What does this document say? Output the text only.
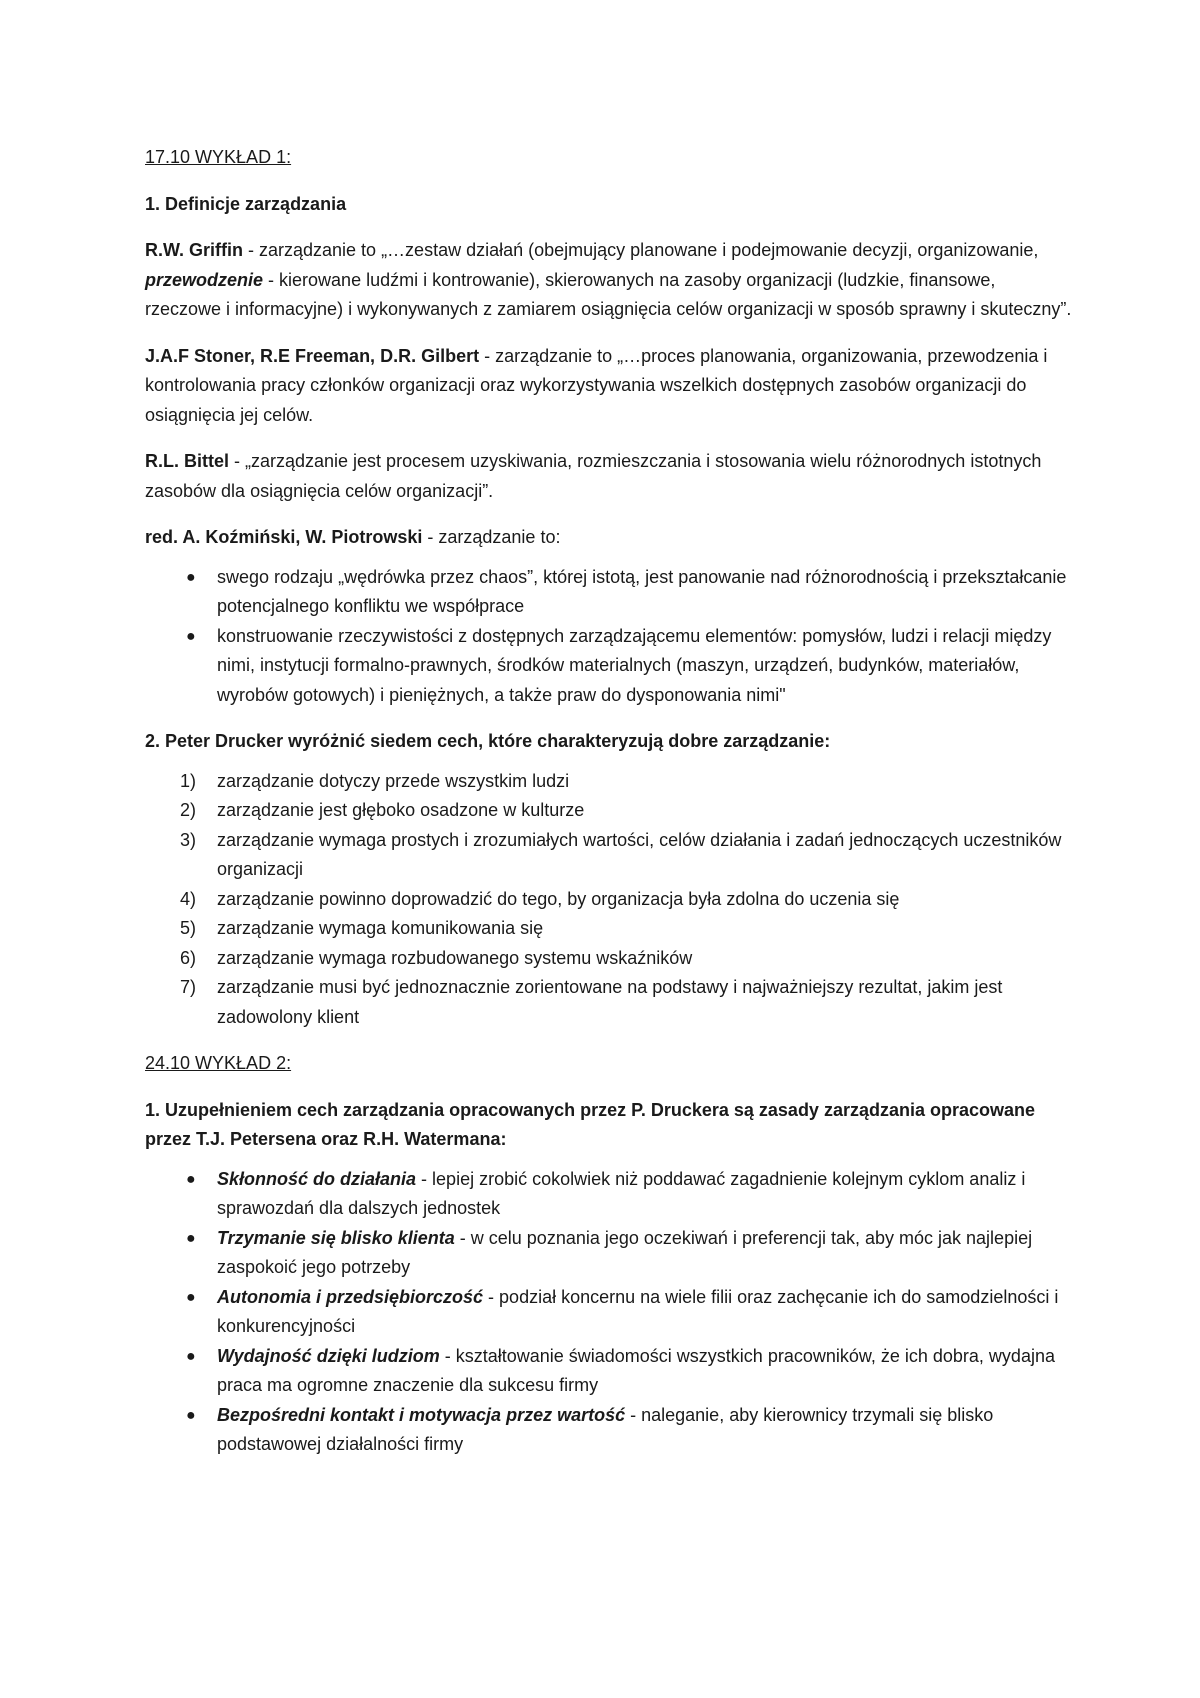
17.10 WYKŁAD 1:

1. Definicje zarządzania

R.W. Griffin - zarządzanie to „…zestaw działań (obejmujący planowane i podejmowanie decyzji, organizowanie, przewodzenie - kierowane ludźmi i kontrowanie), skierowanych na zasoby organizacji (ludzkie, finansowe, rzeczowe i informacyjne) i wykonywanych z zamiarem osiągnięcia celów organizacji w sposób sprawny i skuteczny”.

J.A.F Stoner, R.E Freeman, D.R. Gilbert - zarządzanie to „…proces planowania, organizowania, przewodzenia i kontrolowania pracy członków organizacji oraz wykorzystywania wszelkich dostępnych zasobów organizacji do osiągnięcia jej celów.

R.L. Bittel - „zarządzanie jest procesem uzyskiwania, rozmieszczania i stosowania wielu różnorodnych istotnych zasobów dla osiągnięcia celów organizacji”.

red. A. Koźmiński, W. Piotrowski - zarządzanie to:

● swego rodzaju „wędrówka przez chaos”, której istotą, jest panowanie nad różnorodnością i przekształcanie potencjalnego konfliktu we współprace
● konstruowanie rzeczywistości z dostępnych zarządzającemu elementów: pomysłów, ludzi i relacji między nimi, instytucji formalno-prawnych, środków materialnych (maszyn, urządzeń, budynków, materiałów, wyrobów gotowych) i pieniężnych, a także praw do dysponowania nimi"

2. Peter Drucker wyróżnić siedem cech, które charakteryzują dobre zarządzanie:

1) zarządzanie dotyczy przede wszystkim ludzi
2) zarządzanie jest głęboko osadzone w kulturze
3) zarządzanie wymaga prostych i zrozumiałych wartości, celów działania i zadań jednoczących uczestników organizacji
4) zarządzanie powinno doprowadzić do tego, by organizacja była zdolna do uczenia się
5) zarządzanie wymaga komunikowania się
6) zarządzanie wymaga rozbudowanego systemu wskaźników
7) zarządzanie musi być jednoznacznie zorientowane na podstawy i najważniejszy rezultat, jakim jest zadowolony klient

24.10 WYKŁAD 2:

1. Uzupełnieniem cech zarządzania opracowanych przez P. Druckera są zasady zarządzania opracowane przez T.J. Petersena oraz R.H. Watermana:

● Skłonność do działania - lepiej zrobić cokolwiek niż poddawać zagadnienie kolejnym cyklom analiz i sprawozdań dla dalszych jednostek
● Trzymanie się blisko klienta - w celu poznania jego oczekiwań i preferencji tak, aby móc jak najlepiej zaspokoić jego potrzeby
● Autonomia i przedsiębiorczość - podział koncernu na wiele filii oraz zachęcanie ich do samodzielności i konkurencyjności
● Wydajność dzięki ludziom - kształtowanie świadomości wszystkich pracowników, że ich dobra, wydajna praca ma ogromne znaczenie dla sukcesu firmy
● Bezpośredni kontakt i motywacja przez wartość - naleganie, aby kierownicy trzymali się blisko podstawowej działalności firmy
